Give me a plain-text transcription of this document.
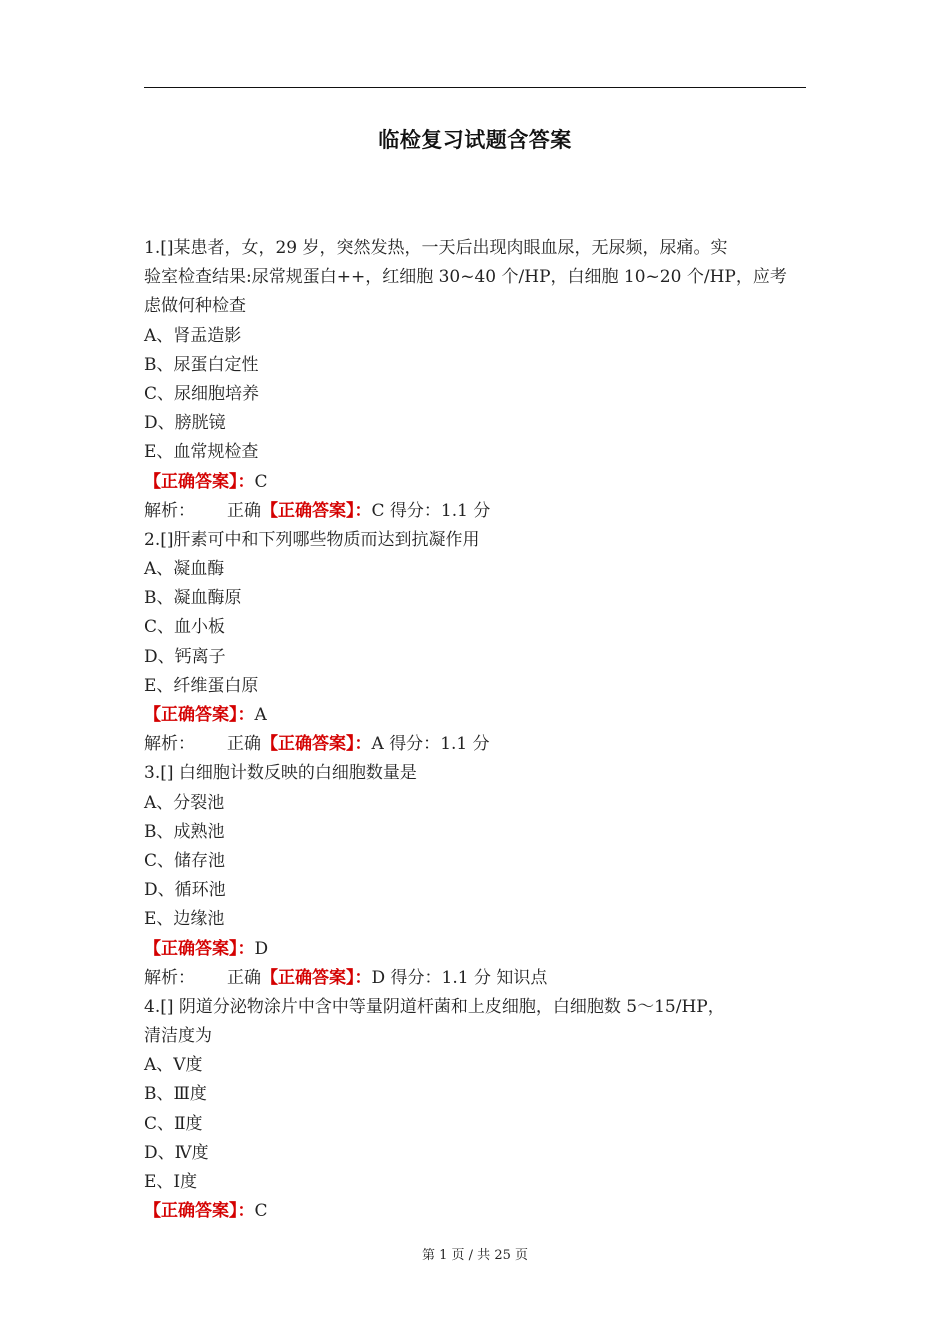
临检复习试题含答案
1.[]某患者，女，29 岁，突然发热，一天后出现肉眼血尿，无尿频，尿痛。实
验室检查结果:尿常规蛋白++，红细胞 30~40 个/HP，白细胞 10~20 个/HP，应考
虑做何种检查
A、肾盂造影
B、尿蛋白定性
C、尿细胞培养
D、膀胱镜
E、血常规检查
【正确答案】：C
解析： 正确【正确答案】：C 得分：1.1 分
2.[]肝素可中和下列哪些物质而达到抗凝作用
A、凝血酶
B、凝血酶原
C、血小板
D、钙离子
E、纤维蛋白原
【正确答案】：A
解析： 正确【正确答案】：A 得分：1.1 分
3.[] 白细胞计数反映的白细胞数量是
A、分裂池
B、成熟池
C、储存池
D、循环池
E、边缘池
【正确答案】：D
解析： 正确【正确答案】：D 得分：1.1 分 知识点
4.[] 阴道分泌物涂片中含中等量阴道杆菌和上皮细胞，白细胞数 5～15/HP，
清洁度为
A、Ⅴ度
B、Ⅲ度
C、Ⅱ度
D、Ⅳ度
E、Ⅰ度
【正确答案】：C
第 1 页 / 共 25 页
